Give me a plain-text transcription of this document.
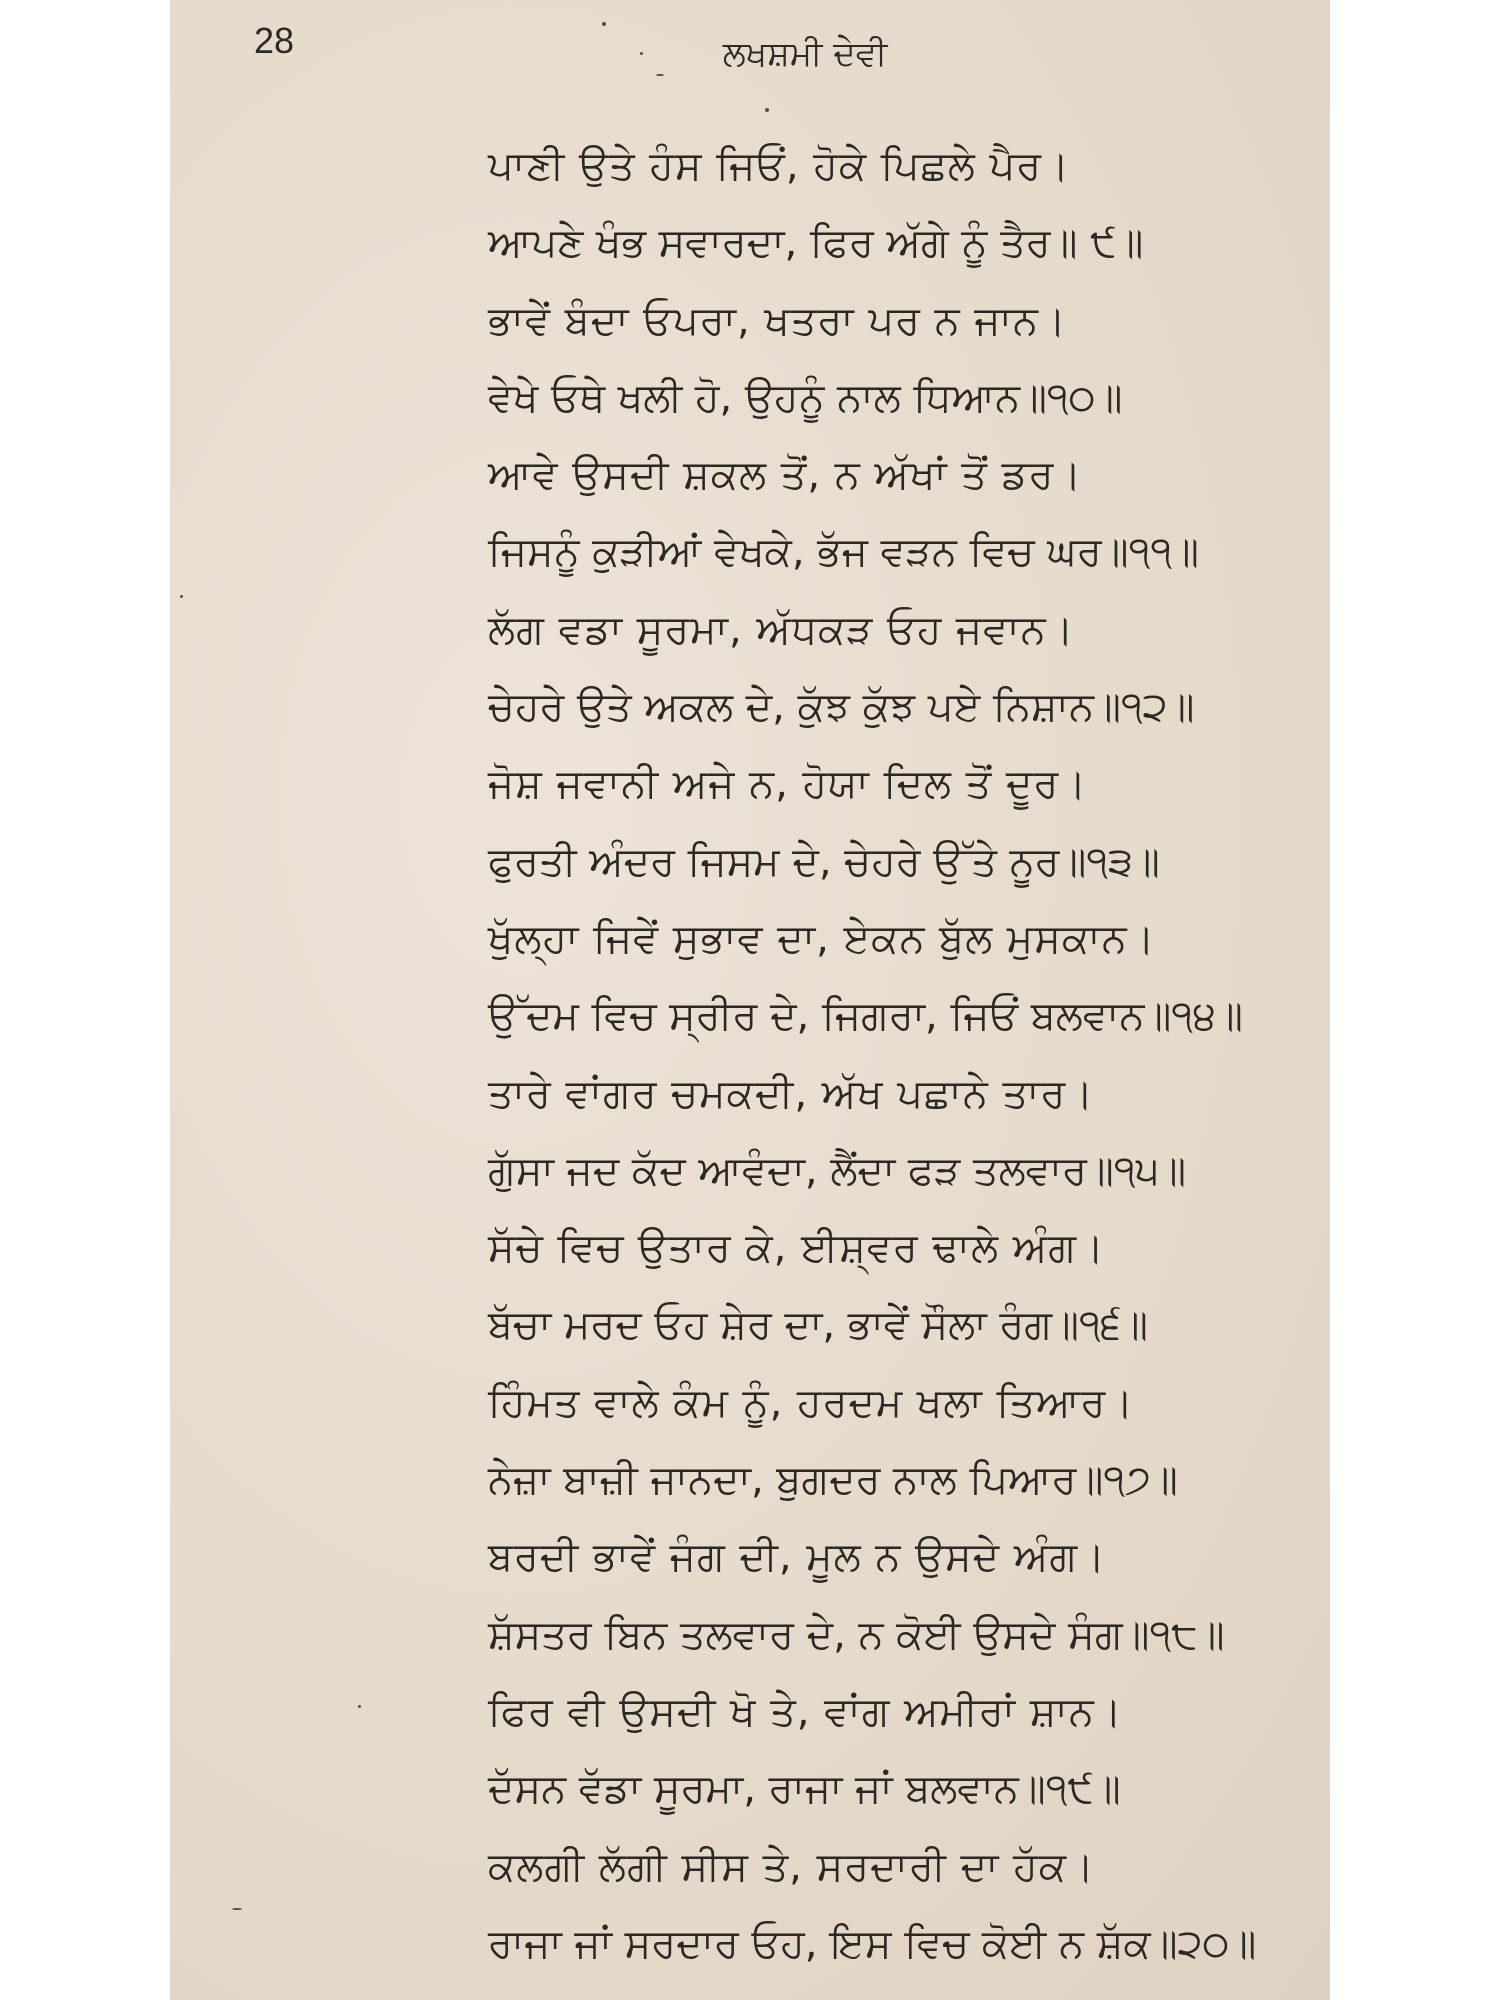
28	ਲਖਸ਼ਮੀ ਦੇਵੀ
ਪਾਣੀ ਉਤੇ ਹੰਸ ਜਿਓਂ, ਹੋਕੇ ਪਿਛਲੇ ਪੈਰ।
ਆਪਣੇ ਖੰਭ ਸਵਾਰਦਾ, ਫਿਰ ਅੱਗੇ ਨੂੰ ਤੈਰ॥ ੯॥
ਭਾਵੇਂ ਬੰਦਾ ਓਪਰਾ, ਖਤਰਾ ਪਰ ਨ ਜਾਨ।
ਵੇਖੇ ਓਥੇ ਖਲੀ ਹੋ, ਉਹਨੂੰ ਨਾਲ ਧਿਆਨ॥੧੦॥
ਆਵੇ ਉਸਦੀ ਸ਼ਕਲ ਤੋਂ, ਨ ਅੱਖਾਂ ਤੋਂ ਡਰ।
ਜਿਸਨੂੰ ਕੁੜੀਆਂ ਵੇਖਕੇ, ਭੱਜ ਵੜਨ ਵਿਚ ਘਰ॥੧੧॥
ਲੱਗ ਵਡਾ ਸੂਰਮਾ, ਅੱਧਕੜ ਓਹ ਜਵਾਨ।
ਚੇਹਰੇ ਉਤੇ ਅਕਲ ਦੇ, ਕੁੱਝ ਕੁੱਝ ਪਏ ਨਿਸ਼ਾਨ॥੧੨॥
ਜੋਸ਼ ਜਵਾਨੀ ਅਜੇ ਨ, ਹੋਯਾ ਦਿਲ ਤੋਂ ਦੂਰ।
ਫੁਰਤੀ ਅੰਦਰ ਜਿਸਮ ਦੇ, ਚੇਹਰੇ ਉੱਤੇ ਨੂਰ॥੧੩॥
ਖੁੱਲ੍ਹਾ ਜਿਵੇਂ ਸੁਭਾਵ ਦਾ, ਏਕਨ ਬੁੱਲ ਮੁਸਕਾਨ।
ਉੱਦਮ ਵਿਚ ਸ੍ਰੀਰ ਦੇ, ਜਿਗਰਾ, ਜਿਓਂ ਬਲਵਾਨ॥੧੪॥
ਤਾਰੇ ਵਾਂਗਰ ਚਮਕਦੀ, ਅੱਖ ਪਛਾਨੇ ਤਾਰ।
ਗੁੱਸਾ ਜਦ ਕੱਦ ਆਵੰਦਾ, ਲੈਂਦਾ ਫੜ ਤਲਵਾਰ॥੧੫॥
ਸੱਚੇ ਵਿਚ ਉਤਾਰ ਕੇ, ਈਸ਼੍ਵਰ ਢਾਲੇ ਅੰਗ।
ਬੱਚਾ ਮਰਦ ਓਹ ਸ਼ੇਰ ਦਾ, ਭਾਵੇਂ ਸੌਲਾ ਰੰਗ॥੧੬॥
ਹਿੰਮਤ ਵਾਲੇ ਕੰਮ ਨੂੰ, ਹਰਦਮ ਖਲਾ ਤਿਆਰ।
ਨੇਜ਼ਾ ਬਾਜ਼ੀ ਜਾਨਦਾ, ਬੁਗਦਰ ਨਾਲ ਪਿਆਰ॥੧੭॥
ਬਰਦੀ ਭਾਵੇਂ ਜੰਗ ਦੀ, ਮੂਲ ਨ ਉਸਦੇ ਅੰਗ।
ਸ਼ੱਸਤਰ ਬਿਨ ਤਲਵਾਰ ਦੇ, ਨ ਕੋਈ ਉਸਦੇ ਸੰਗ॥੧੮॥
ਫਿਰ ਵੀ ਉਸਦੀ ਖੋ ਤੇ, ਵਾਂਗ ਅਮੀਰਾਂ ਸ਼ਾਨ।
ਦੱਸਨ ਵੱਡਾ ਸੂਰਮਾ, ਰਾਜਾ ਜਾਂ ਬਲਵਾਨ॥੧੯॥
ਕਲਗੀ ਲੱਗੀ ਸੀਸ ਤੇ, ਸਰਦਾਰੀ ਦਾ ਹੱਕ।
ਰਾਜਾ ਜਾਂ ਸਰਦਾਰ ਓਹ, ਇਸ ਵਿਚ ਕੋਈ ਨ ਸ਼ੱਕ॥੨੦॥
